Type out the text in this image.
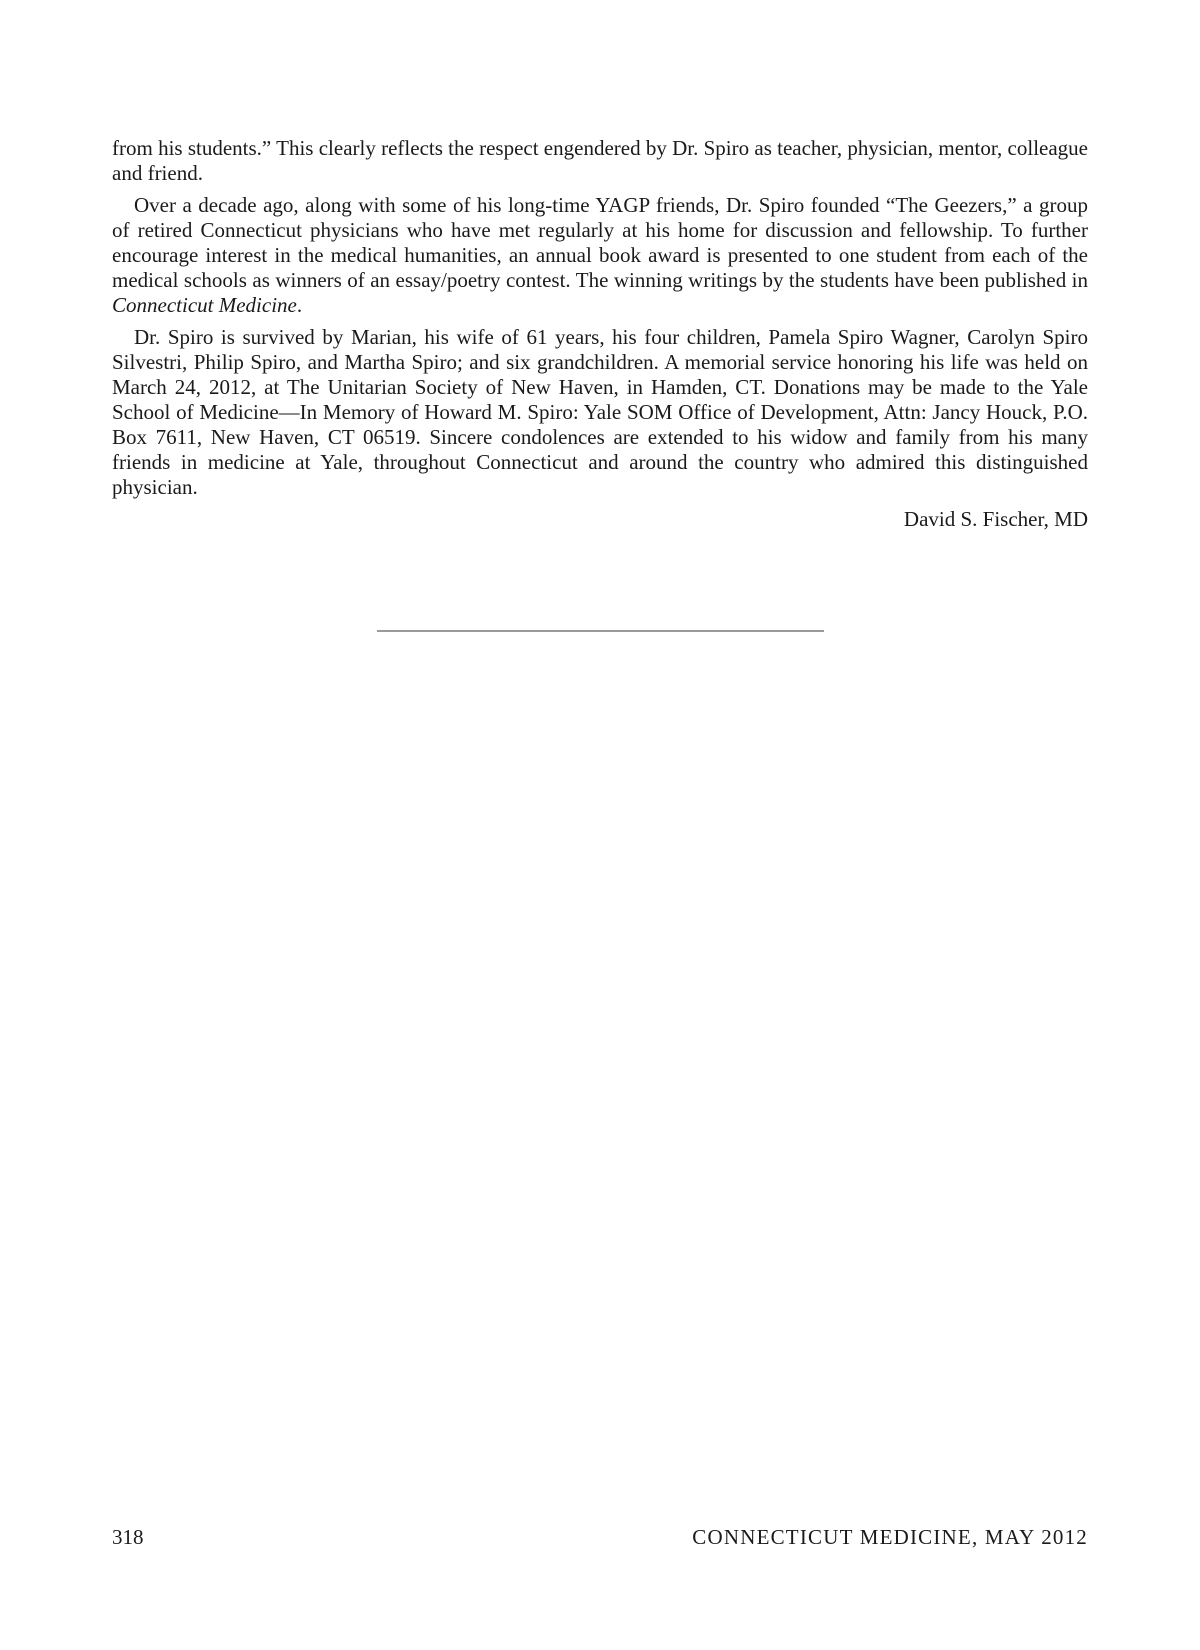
from his students.” This clearly reflects the respect engendered by Dr. Spiro as teacher, physician, mentor, colleague and friend.

Over a decade ago, along with some of his long-time YAGP friends, Dr. Spiro founded “The Geezers,” a group of retired Connecticut physicians who have met regularly at his home for discussion and fellowship. To further encourage interest in the medical humanities, an annual book award is presented to one student from each of the medical schools as winners of an essay/poetry contest. The winning writings by the students have been published in Connecticut Medicine.

Dr. Spiro is survived by Marian, his wife of 61 years, his four children, Pamela Spiro Wagner, Carolyn Spiro Silvestri, Philip Spiro, and Martha Spiro; and six grandchildren. A memorial service honoring his life was held on March 24, 2012, at The Unitarian Society of New Haven, in Hamden, CT. Donations may be made to the Yale School of Medicine—In Memory of Howard M. Spiro: Yale SOM Office of Development, Attn: Jancy Houck, P.O. Box 7611, New Haven, CT 06519. Sincere condolences are extended to his widow and family from his many friends in medicine at Yale, throughout Connecticut and around the country who admired this distinguished physician.

David S. Fischer, MD
318	CONNECTICUT MEDICINE, MAY 2012
